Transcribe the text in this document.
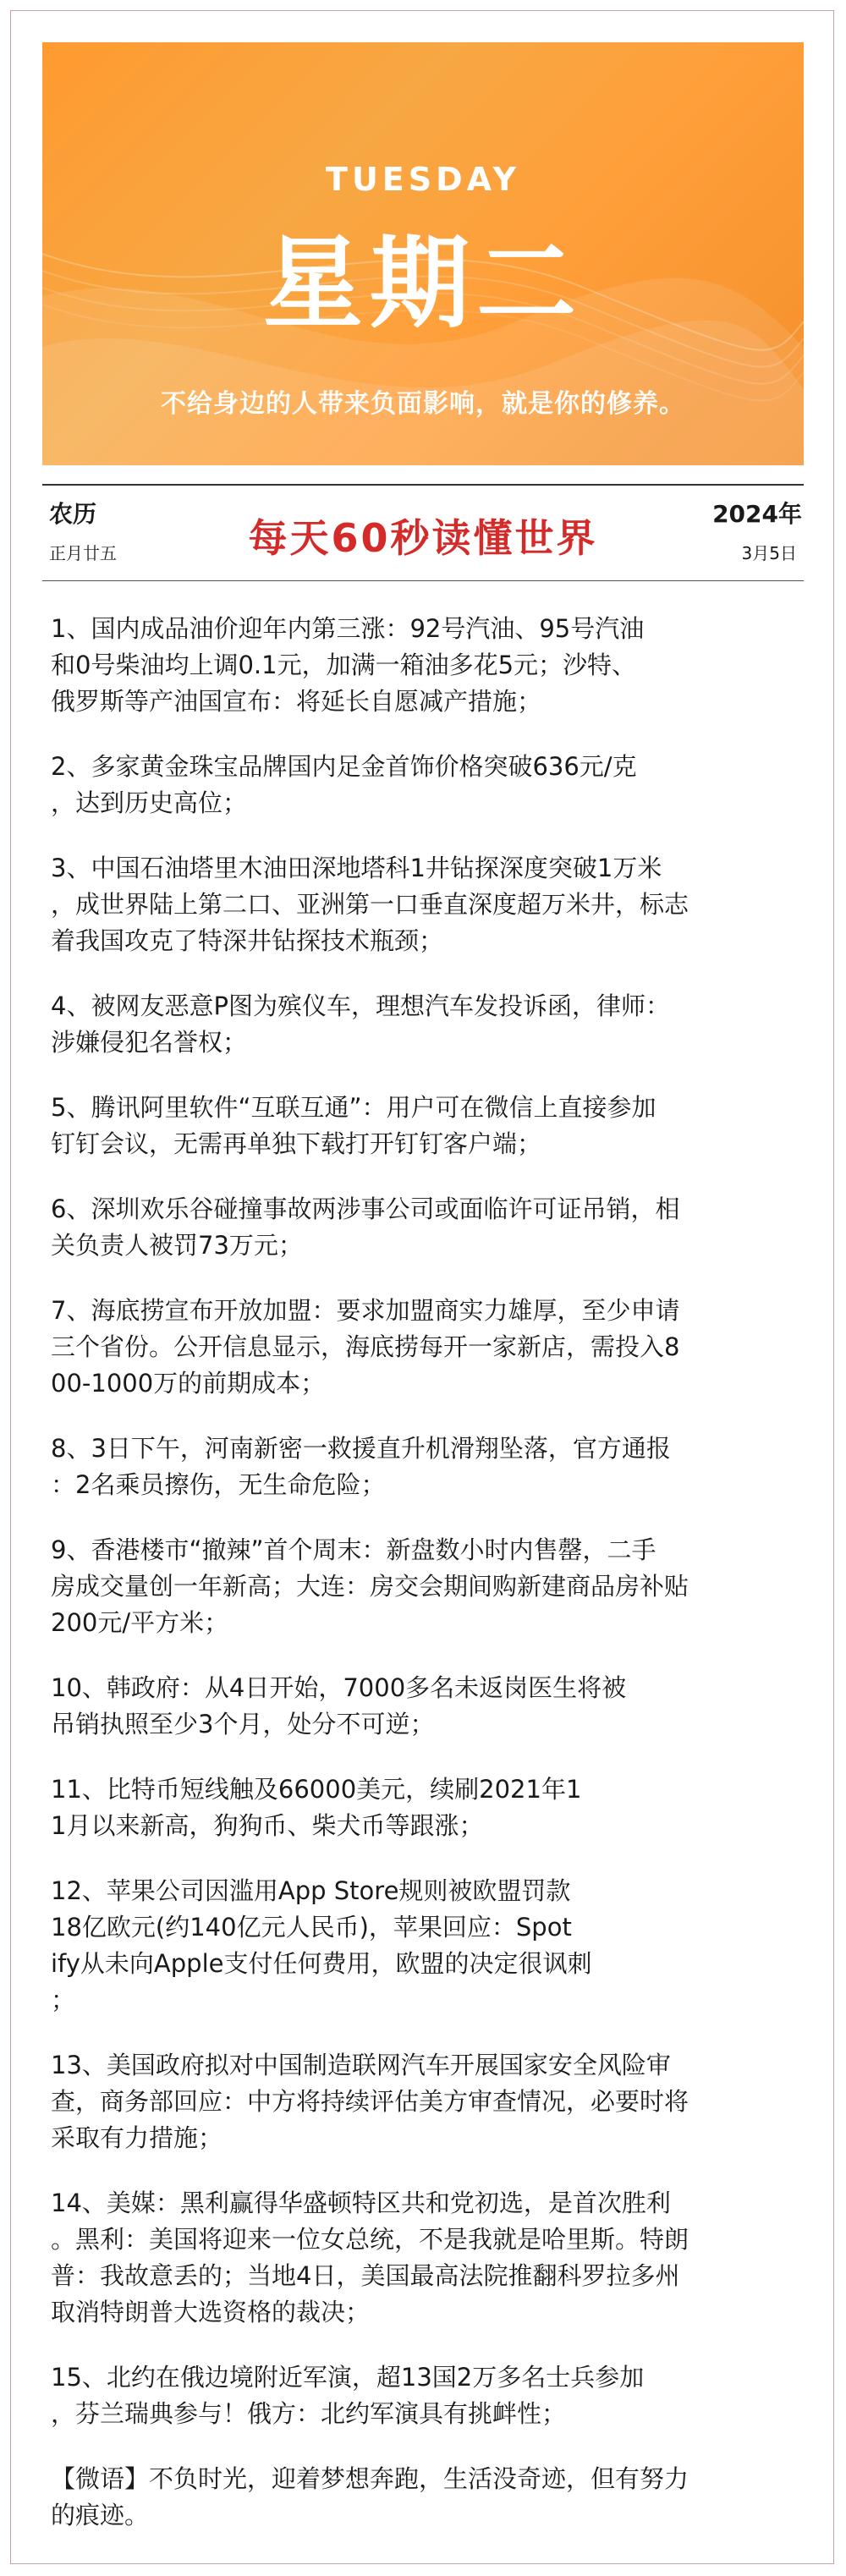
TUESDAY
星期二
不给身边的人带来负面影响，就是你的修养。
农历
正月廿五	每天60秒读懂世界
2024年
3月5日
1、国内成品油价迎年内第三涨：92号汽油、95号汽油
和0号柴油均上调0.1元，加满一箱油多花5元；沙特、
俄罗斯等产油国宣布：将延长自愿减产措施；
2、多家黄金珠宝品牌国内足金首饰价格突破636元/克
，达到历史高位；
3、中国石油塔里木油田深地塔科1井钻探深度突破1万米
，成世界陆上第二口、亚洲第一口垂直深度超万米井，标志
着我国攻克了特深井钻探技术瓶颈；
4、被网友恶意P图为殡仪车，理想汽车发投诉函，律师：
涉嫌侵犯名誉权；
5、腾讯阿里软件“互联互通”：用户可在微信上直接参加
钉钉会议，无需再单独下载打开钉钉客户端；
6、深圳欢乐谷碰撞事故两涉事公司或面临许可证吊销，相
关负责人被罚73万元；
7、海底捞宣布开放加盟：要求加盟商实力雄厚，至少申请
三个省份。公开信息显示，海底捞每开一家新店，需投入8
00-1000万的前期成本；
8、3日下午，河南新密一救援直升机滑翔坠落，官方通报
：2名乘员擦伤，无生命危险；
9、香港楼市“撤辣”首个周末：新盘数小时内售罄，二手
房成交量创一年新高；大连：房交会期间购新建商品房补贴
200元/平方米；
10、韩政府：从4日开始，7000多名未返岗医生将被
吊销执照至少3个月，处分不可逆；
11、比特币短线触及66000美元，续刷2021年1
1月以来新高，狗狗币、柴犬币等跟涨；
12、苹果公司因滥用App Store规则被欧盟罚款
18亿欧元(约140亿元人民币)，苹果回应：Spot
ify从未向Apple支付任何费用，欧盟的决定很讽刺
；
13、美国政府拟对中国制造联网汽车开展国家安全风险审
查，商务部回应：中方将持续评估美方审查情况，必要时将
采取有力措施；
14、美媒：黑利赢得华盛顿特区共和党初选，是首次胜利
。黑利：美国将迎来一位女总统，不是我就是哈里斯。特朗
普：我故意丢的；当地4日，美国最高法院推翻科罗拉多州
取消特朗普大选资格的裁决；
15、北约在俄边境附近军演，超13国2万多名士兵参加
，芬兰瑞典参与！俄方：北约军演具有挑衅性；
【微语】不负时光，迎着梦想奔跑，生活没奇迹，但有努力
的痕迹。
